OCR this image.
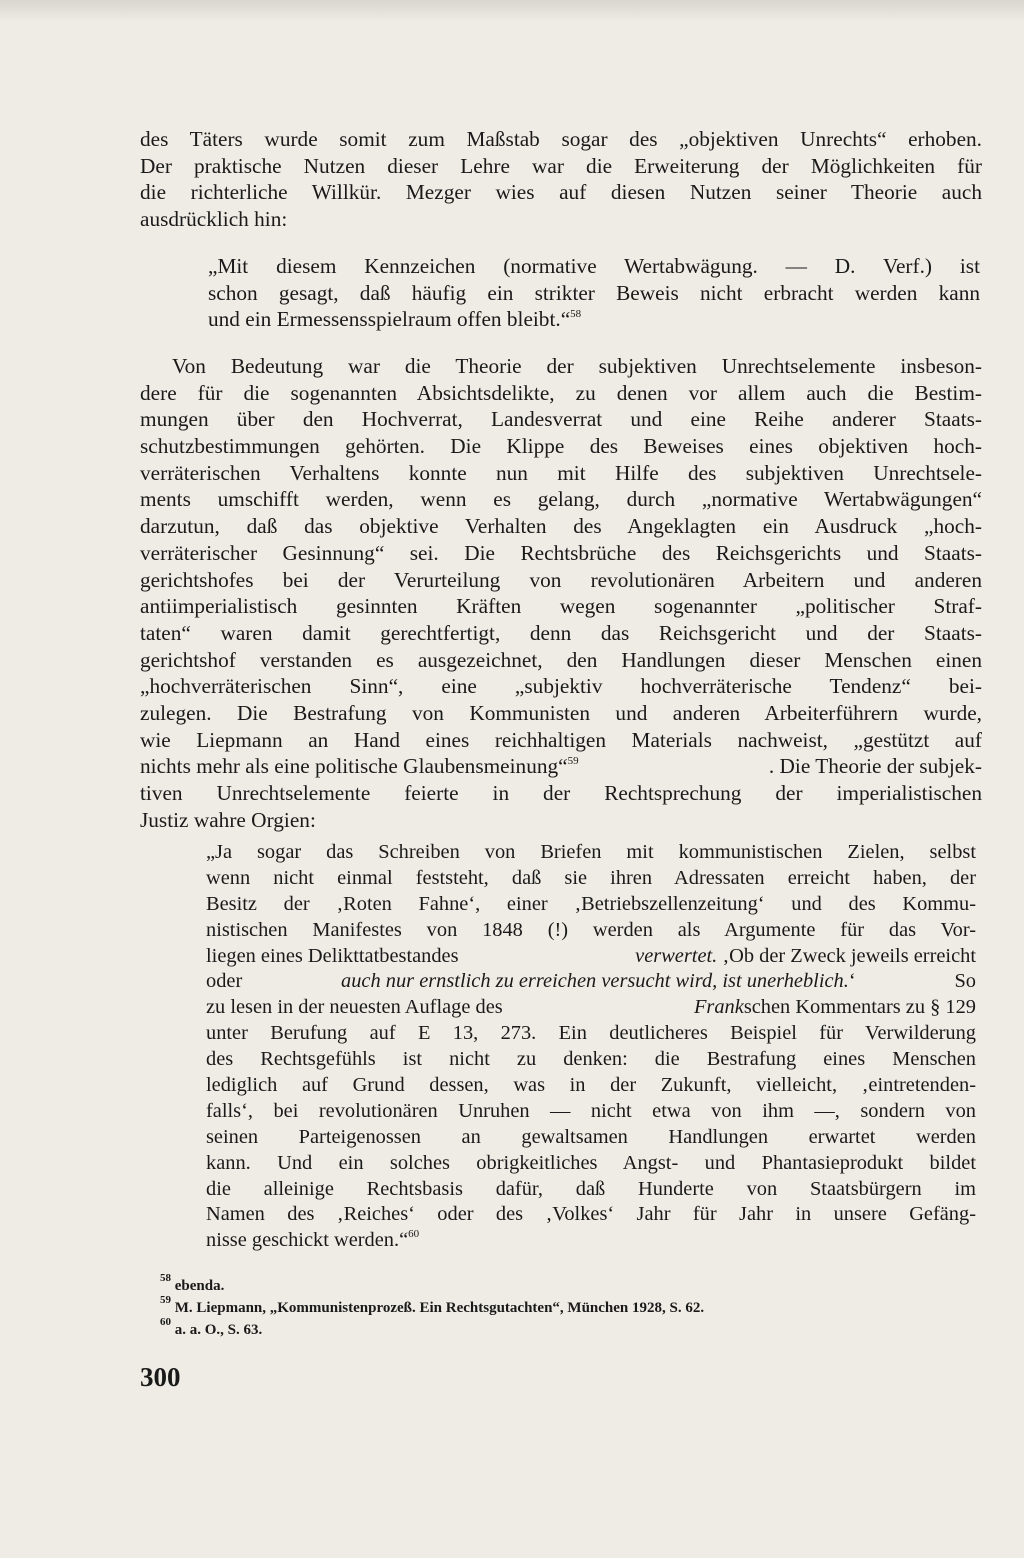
des Täters wurde somit zum Maßstab sogar des „objektiven Unrechts“ erhoben.
Der praktische Nutzen dieser Lehre war die Erweiterung der Möglichkeiten für
die richterliche Willkür. Mezger wies auf diesen Nutzen seiner Theorie auch
ausdrücklich hin:
„Mit diesem Kennzeichen (normative Wertabwägung. — D. Verf.) ist
schon gesagt, daß häufig ein strikter Beweis nicht erbracht werden kann
und ein Ermessensspielraum offen bleibt.“$^{58}$
Von Bedeutung war die Theorie der subjektiven Unrechtselemente insbeson-
dere für die sogenannten Absichtsdelikte, zu denen vor allem auch die Bestim-
mungen über den Hochverrat, Landesverrat und eine Reihe anderer Staats-
schutzbestimmungen gehörten. Die Klippe des Beweises eines objektiven hoch-
verräterischen Verhaltens konnte nun mit Hilfe des subjektiven Unrechtsele-
ments umschifft werden, wenn es gelang, durch „normative Wertabwägungen“
darzutun, daß das objektive Verhalten des Angeklagten ein Ausdruck „hoch-
verräterischer Gesinnung“ sei. Die Rechtsbrüche des Reichsgerichts und Staats-
gerichtshofes bei der Verurteilung von revolutionären Arbeitern und anderen
antiimperialistisch gesinnten Kräften wegen sogenannter „politischer Straf-
taten“ waren damit gerechtfertigt, denn das Reichsgericht und der Staats-
gerichtshof verstanden es ausgezeichnet, den Handlungen dieser Menschen einen
„hochverräterischen Sinn“, eine „subjektiv hochverräterische Tendenz“ bei-
zulegen. Die Bestrafung von Kommunisten und anderen Arbeiterführern wurde,
wie Liepmann an Hand eines reichhaltigen Materials nachweist, „gestützt auf
nichts mehr als eine politische Glaubensmeinung“$^{59}$	. Die Theorie der subjek-
tiven Unrechtselemente feierte in der Rechtsprechung der imperialistischen
Justiz wahre Orgien:
„Ja sogar das Schreiben von Briefen mit kommunistischen Zielen, selbst
wenn nicht einmal feststeht, daß sie ihren Adressaten erreicht haben, der
Besitz der ‚Roten Fahne‘, einer ‚Betriebszellenzeitung‘ und des Kommu-
nistischen Manifestes von 1848 (!) werden als Argumente für das Vor-
liegen eines Delikttatbestandes	verwertet. ‚Ob der Zweck jeweils erreicht
oder	auch nur ernstlich zu erreichen versucht wird, ist unerheblich.‘	So
zu lesen in der neuesten Auflage des	Frankschen Kommentars zu § 129
unter Berufung auf E 13, 273. Ein deutlicheres Beispiel für Verwilderung
des Rechtsgefühls ist nicht zu denken: die Bestrafung eines Menschen
lediglich auf Grund dessen, was in der Zukunft, vielleicht, ‚eintretenden-
falls‘, bei revolutionären Unruhen — nicht etwa von ihm —, sondern von
seinen Parteigenossen an gewaltsamen Handlungen erwartet werden
kann. Und ein solches obrigkeitliches Angst- und Phantasieprodukt bildet
die alleinige Rechtsbasis dafür, daß Hunderte von Staatsbürgern im
Namen des ‚Reiches‘ oder des ‚Volkes‘ Jahr für Jahr in unsere Gefäng-
nisse geschickt werden.“$^{60}$
$^{58}$ ebenda.
$^{59}$ M. Liepmann, „Kommunistenprozeß. Ein Rechtsgutachten“, München 1928, S. 62.
$^{60}$ a. a. O., S. 63.
300
